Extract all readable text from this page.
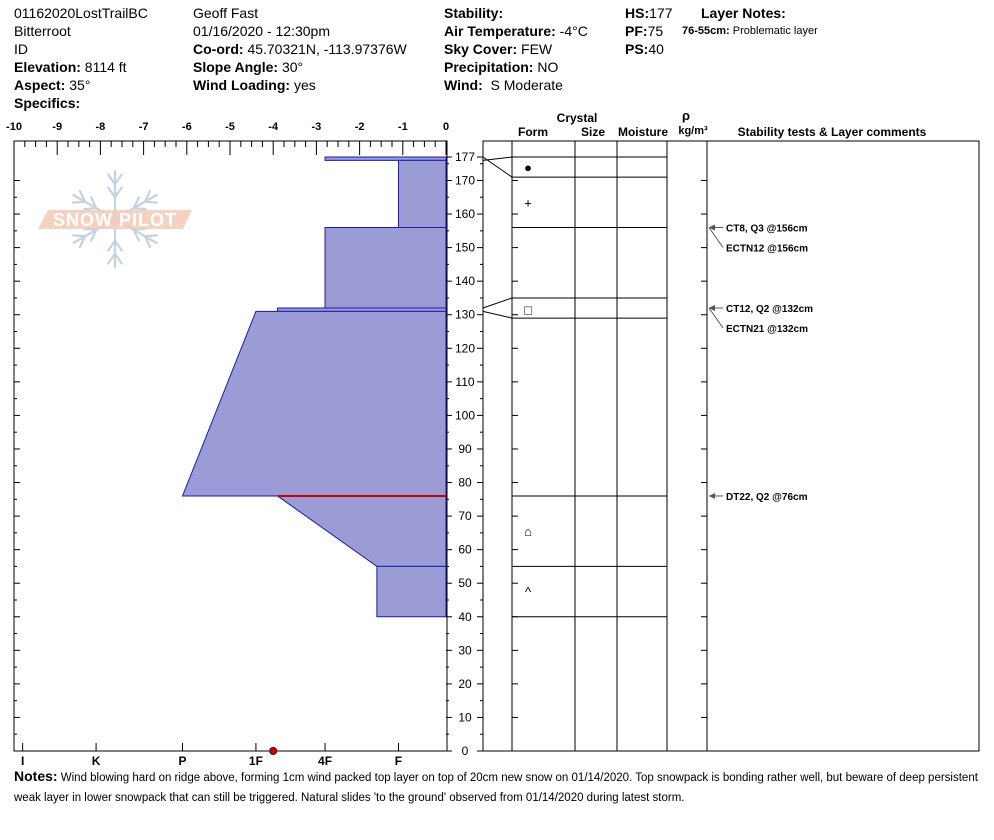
01162020LostTrailBC
Bitterroot
ID
Elevation: 8114 ft
Aspect: 35°
Specifics:
Geoff Fast
01/16/2020 - 12:30pm
Co-ord: 45.70321N, -113.97376W
Slope Angle: 30°
Wind Loading: yes
Stability:
Air Temperature: -4°C
Sky Cover: FEW
Precipitation: NO
Wind: S Moderate
HS:177
PF:75
PS:40
Layer Notes:
76-55cm: Problematic layer
SNOW PILOT
Crystal
Form	Size Moisture
ρ
kg/m³ Stability tests & Layer comments
-10	-9	-8	-7	-6	-5	-4	-3	-2	-1	0
I	K	P	1F	4F	F
0
10
20
30
40
50
60
70
80
90
100
110
120
130
140
150
160
170
177
●
+
□
⌂
^
CT8, Q3 @156cm
ECTN12 @156cm
CT12, Q2 @132cm
ECTN21 @132cm
DT22, Q2 @76cm
Notes: Wind blowing hard on ridge above, forming 1cm wind packed top layer on top of 20cm new snow on 01/14/2020. Top snowpack is bonding rather well, but beware of deep persistent weak layer in lower snowpack that can still be triggered. Natural slides 'to the ground' observed from 01/14/2020 during latest storm.
